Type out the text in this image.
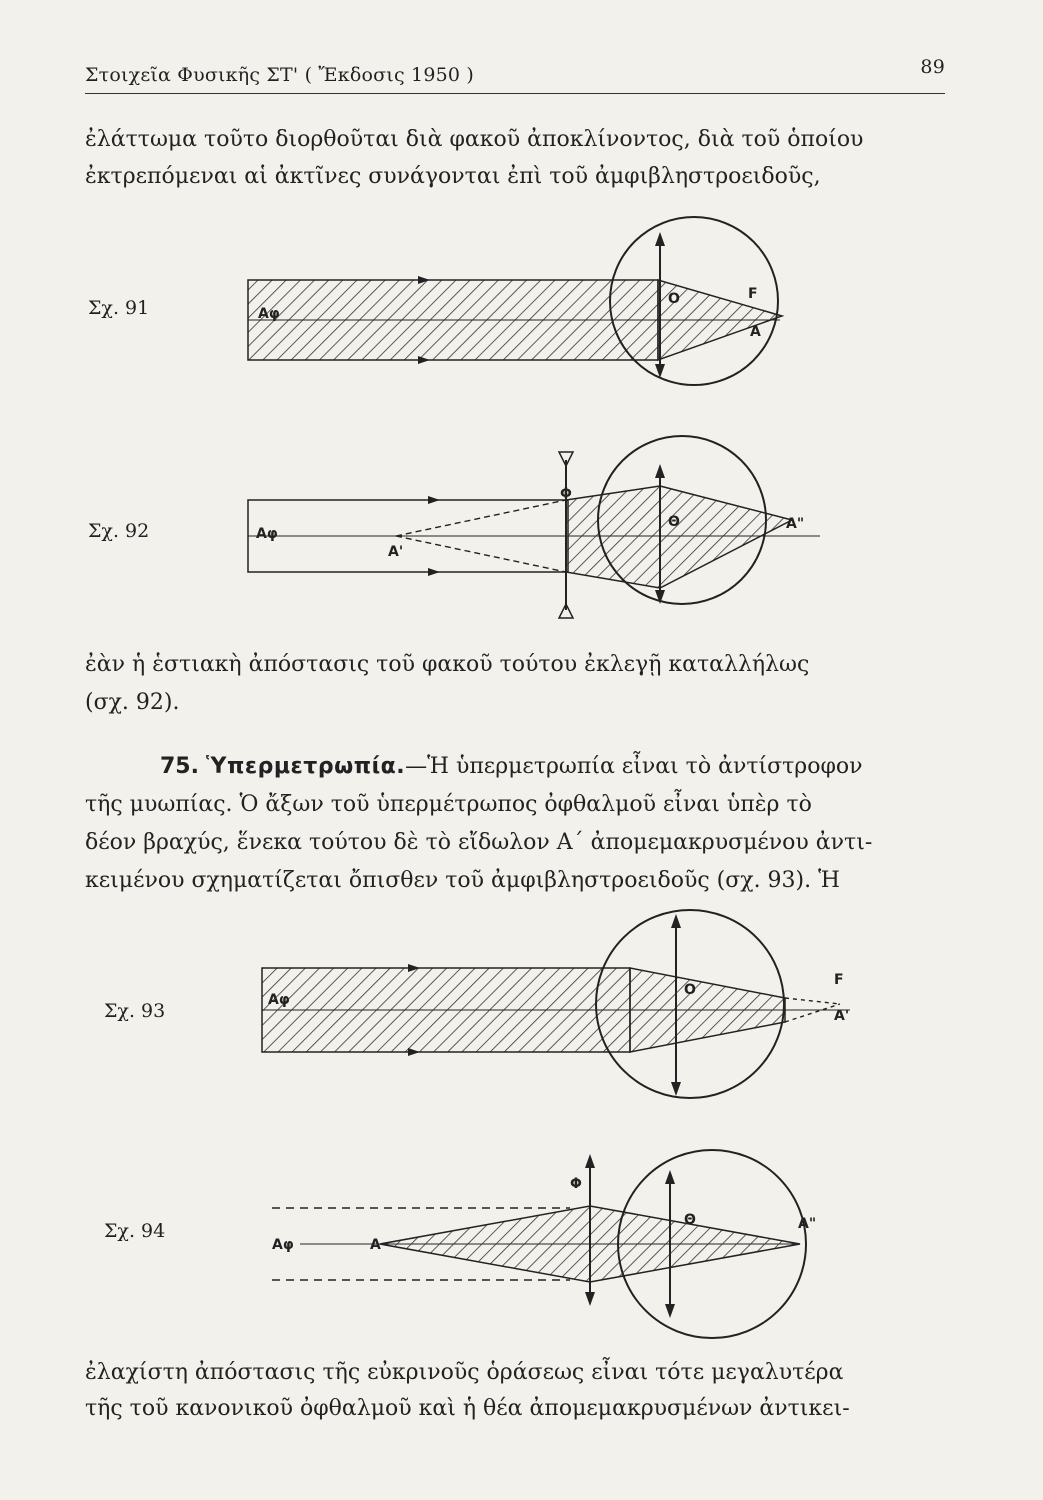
Στοιχεῖα Φυσικῆς ΣΤ' ( Ἔκδοσις 1950 )	89
ἐλάττωμα τοῦτο διορθοῦται διὰ φακοῦ ἀποκλίνοντος, διὰ τοῦ ὁποίου
ἐκτρεπόμεναι αἱ ἀκτῖνες συνάγονται ἐπὶ τοῦ ἀμφιβληστροειδοῦς,
Σχ. 91	Αφ
Ο	F
Α
Αφ
Α'
Φ
Θ	Α"
Αφ
Ο
F
Α'
Αφ	Α
Φ
Θ	Α"
Σχ. 92
ἐὰν ἡ ἑστιακὴ ἀπόστασις τοῦ φακοῦ τούτου ἐκλεγῇ καταλλήλως
(σχ. 92).
75. Ὑπερμετρωπία.—Ἡ ὑπερμετρωπία εἶναι τὸ ἀντίστροφον
τῆς μυωπίας. Ὁ ἄξων τοῦ ὑπερμέτρωπος ὀφθαλμοῦ εἶναι ὑπὲρ τὸ
δέον βραχύς, ἕνεκα τούτου δὲ τὸ εἴδωλον Α΄ ἀπομεμακρυσμένου ἀντι-
κειμένου σχηματίζεται ὄπισθεν τοῦ ἀμφιβληστροειδοῦς (σχ. 93). Ἡ
Σχ. 93
Σχ. 94
ἐλαχίστη ἀπόστασις τῆς εὐκρινοῦς ὁράσεως εἶναι τότε μεγαλυτέρα
τῆς τοῦ κανονικοῦ ὀφθαλμοῦ καὶ ἡ θέα ἀπομεμακρυσμένων ἀντικει-
